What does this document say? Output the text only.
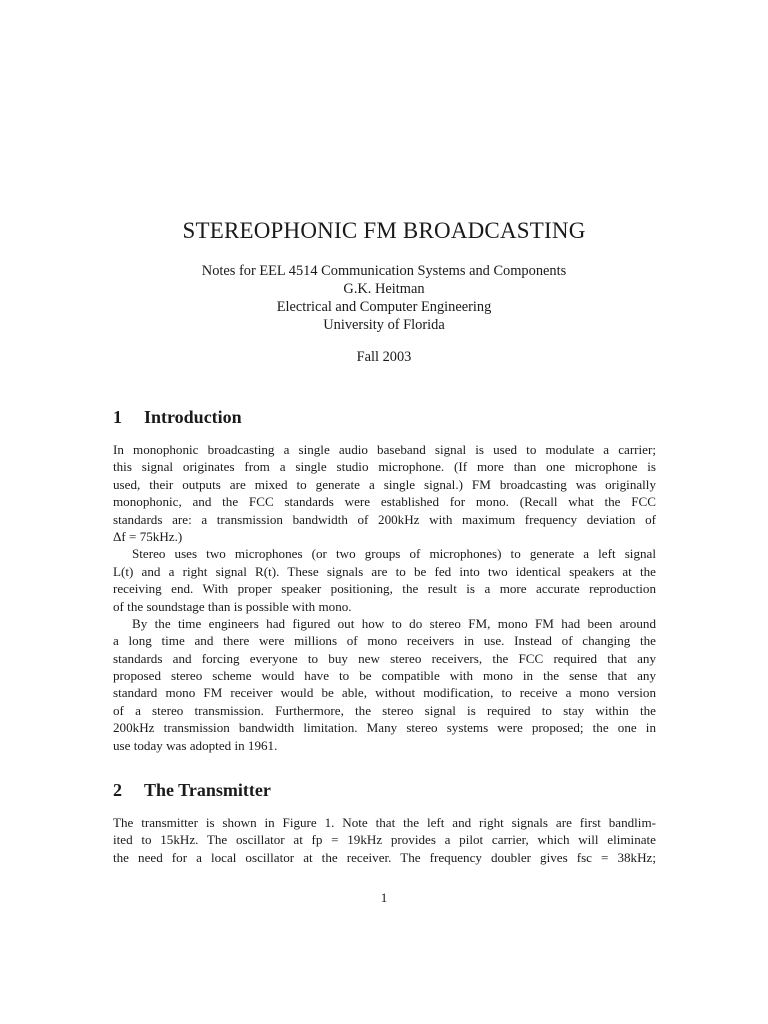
STEREOPHONIC FM BROADCASTING
Notes for EEL 4514 Communication Systems and Components
G.K. Heitman
Electrical and Computer Engineering
University of Florida
Fall 2003
1 Introduction
In monophonic broadcasting a single audio baseband signal is used to modulate a carrier;
this signal originates from a single studio microphone. (If more than one microphone is
used, their outputs are mixed to generate a single signal.) FM broadcasting was originally
monophonic, and the FCC standards were established for mono. (Recall what the FCC
standards are: a transmission bandwidth of 200kHz with maximum frequency deviation of
Δf = 75kHz.)
Stereo uses two microphones (or two groups of microphones) to generate a left signal
L(t) and a right signal R(t). These signals are to be fed into two identical speakers at the
receiving end. With proper speaker positioning, the result is a more accurate reproduction
of the soundstage than is possible with mono.
By the time engineers had figured out how to do stereo FM, mono FM had been around
a long time and there were millions of mono receivers in use. Instead of changing the
standards and forcing everyone to buy new stereo receivers, the FCC required that any
proposed stereo scheme would have to be compatible with mono in the sense that any
standard mono FM receiver would be able, without modification, to receive a mono version
of a stereo transmission. Furthermore, the stereo signal is required to stay within the
200kHz transmission bandwidth limitation. Many stereo systems were proposed; the one in
use today was adopted in 1961.
2 The Transmitter
The transmitter is shown in Figure 1. Note that the left and right signals are first bandlim-
ited to 15kHz. The oscillator at fp = 19kHz provides a pilot carrier, which will eliminate
the need for a local oscillator at the receiver. The frequency doubler gives fsc = 38kHz;
1
